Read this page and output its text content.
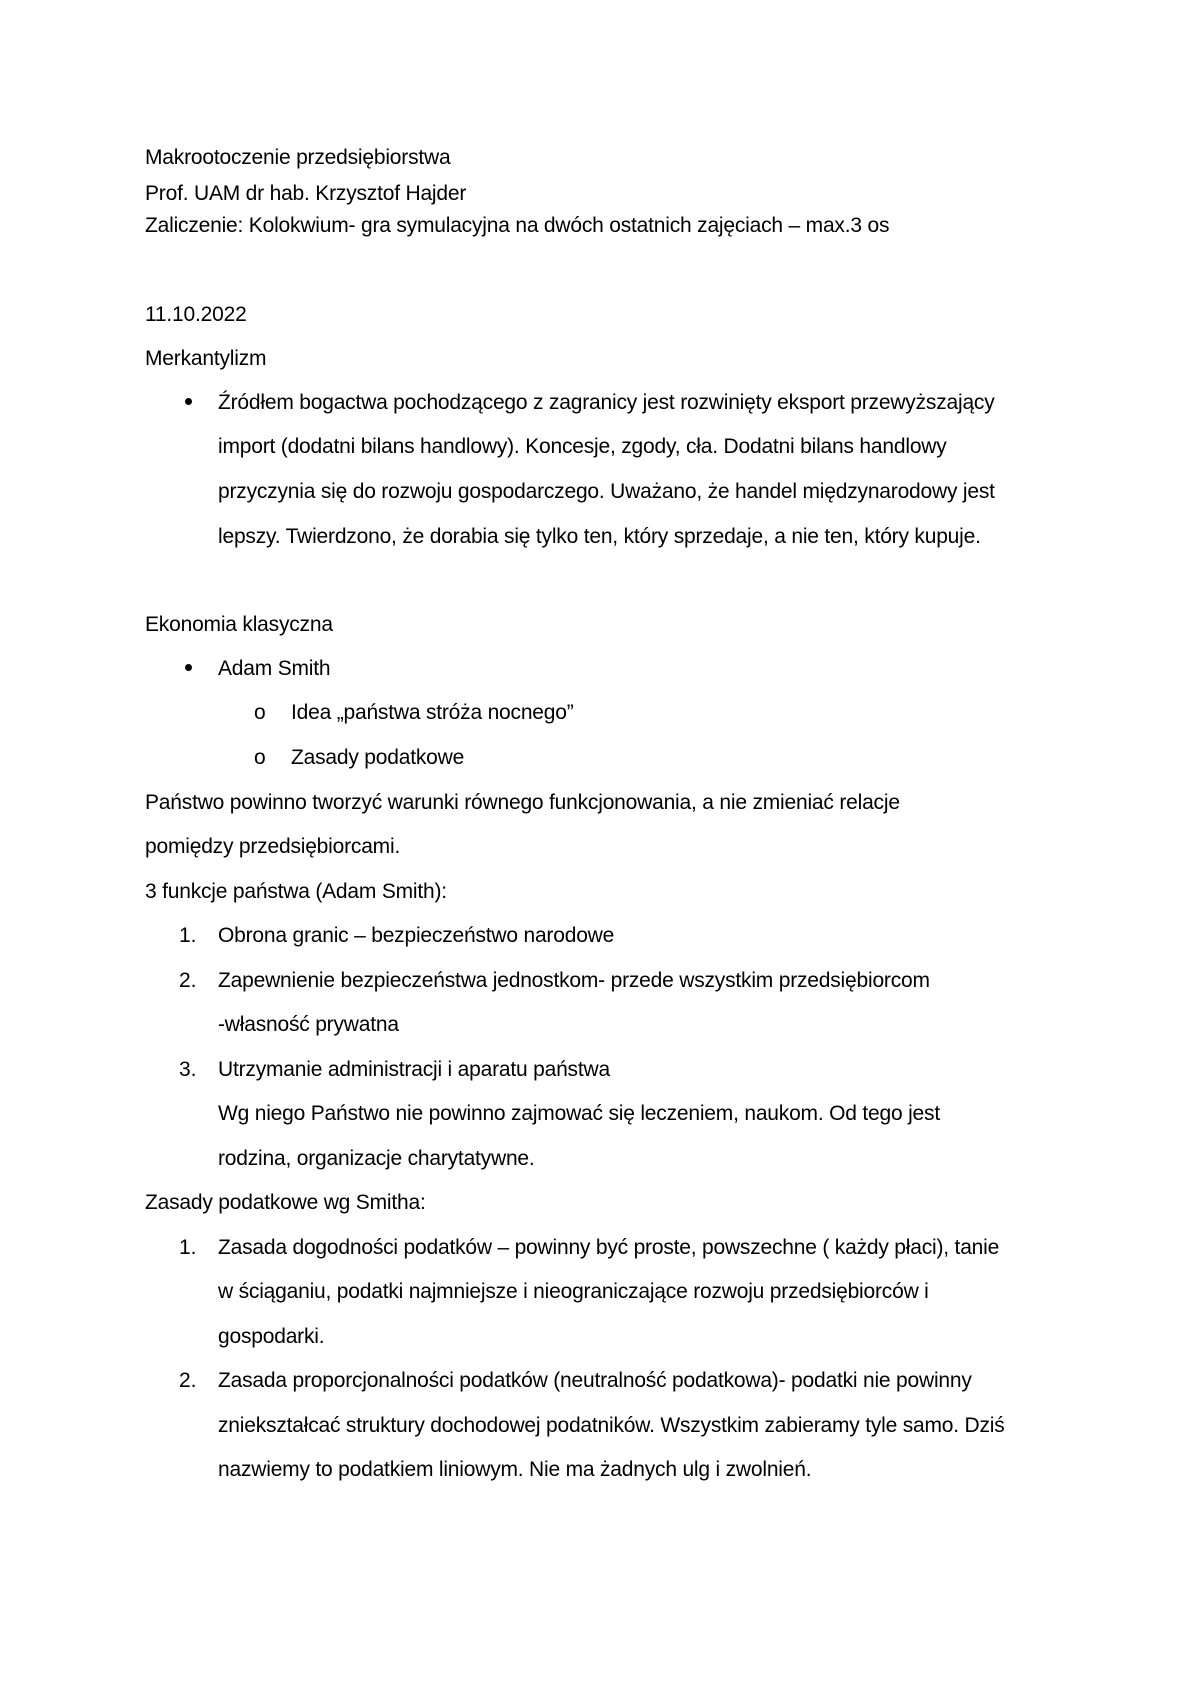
Makrootoczenie przedsiębiorstwa
Prof. UAM dr hab. Krzysztof Hajder
Zaliczenie: Kolokwium- gra symulacyjna na dwóch ostatnich zajęciach – max.3 os
11.10.2022
Merkantylizm
Źródłem bogactwa pochodzącego z zagranicy jest rozwinięty eksport przewyższający
import (dodatni bilans handlowy). Koncesje, zgody, cła. Dodatni bilans handlowy
przyczynia się do rozwoju gospodarczego. Uważano, że handel międzynarodowy jest
lepszy. Twierdzono, że dorabia się tylko ten, który sprzedaje, a nie ten, który kupuje.
Ekonomia klasyczna
Adam Smith
o Idea „państwa stróża nocnego”
o Zasady podatkowe
Państwo powinno tworzyć warunki równego funkcjonowania, a nie zmieniać relacje
pomiędzy przedsiębiorcami.
3 funkcje państwa (Adam Smith):
1. Obrona granic – bezpieczeństwo narodowe
2. Zapewnienie bezpieczeństwa jednostkom- przede wszystkim przedsiębiorcom
-własność prywatna
3. Utrzymanie administracji i aparatu państwa
Wg niego Państwo nie powinno zajmować się leczeniem, naukom. Od tego jest
rodzina, organizacje charytatywne.
Zasady podatkowe wg Smitha:
1. Zasada dogodności podatków – powinny być proste, powszechne ( każdy płaci), tanie
w ściąganiu, podatki najmniejsze i nieograniczające rozwoju przedsiębiorców i
gospodarki.
2. Zasada proporcjonalności podatków (neutralność podatkowa)- podatki nie powinny
zniekształcać struktury dochodowej podatników. Wszystkim zabieramy tyle samo. Dziś
nazwiemy to podatkiem liniowym. Nie ma żadnych ulg i zwolnień.
